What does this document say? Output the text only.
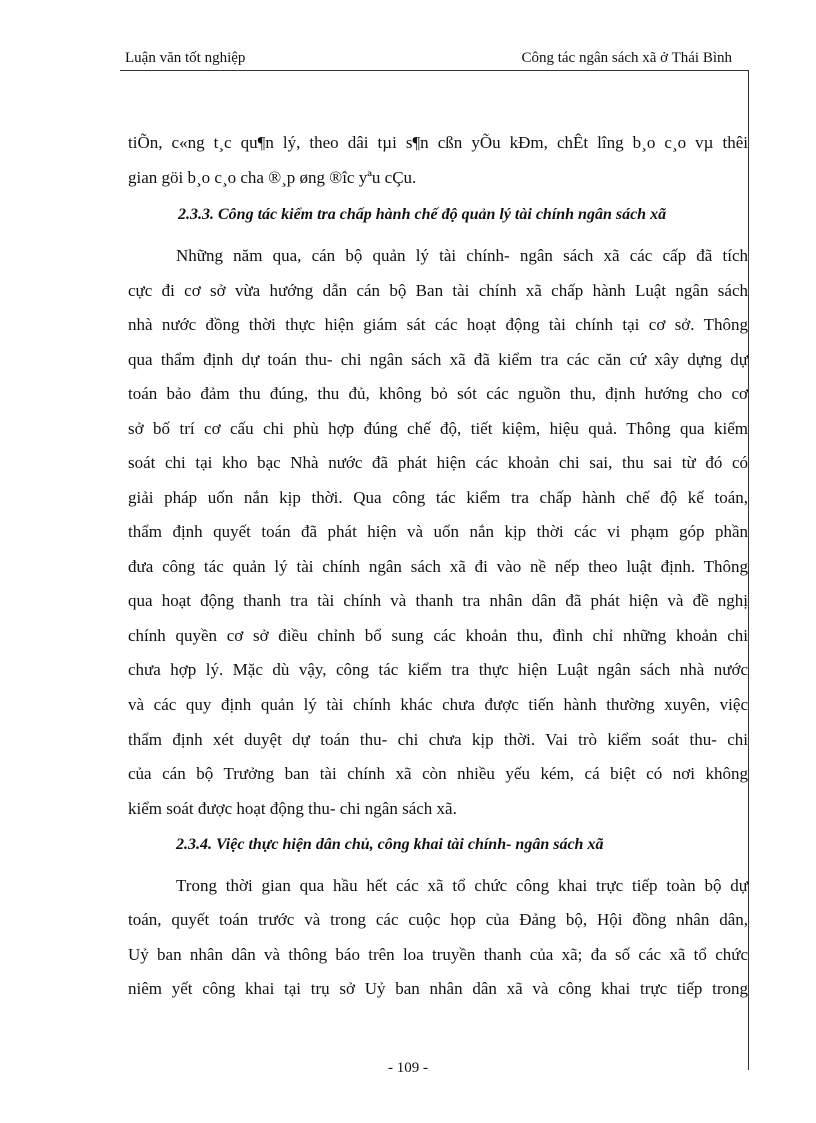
Luận văn tốt nghiệp	Công tác ngân sách xã ở Thái Bình
tiÕn, c«ng t¸c qu¶n lý, theo dâi tµi s¶n cßn yÕu kÐm, chÊt lîng b¸o c¸o vµ thêi
gian göi b¸o c¸o cha ®¸p øng ®îc yªu cÇu.
2.3.3. Công tác kiểm tra chấp hành chế độ quản lý tài chính ngân sách xã
Những năm qua, cán bộ quản lý tài chính- ngân sách xã các cấp đã tích
cực đi cơ sở vừa hướng dẫn cán bộ Ban tài chính xã chấp hành Luật ngân sách
nhà nước đồng thời thực hiện giám sát các hoạt động tài chính tại cơ sở. Thông
qua thẩm định dự toán thu- chi ngân sách xã đã kiểm tra các căn cứ xây dựng dự
toán bảo đảm thu đúng, thu đủ, không bỏ sót các nguồn thu, định hướng cho cơ
sở bố trí cơ cấu chi phù hợp đúng chế độ, tiết kiệm, hiệu quả. Thông qua kiểm
soát chi tại kho bạc Nhà nước đã phát hiện các khoản chi sai, thu sai từ đó có
giải pháp uốn nắn kịp thời. Qua công tác kiểm tra chấp hành chế độ kế toán,
thẩm định quyết toán đã phát hiện và uốn nắn kịp thời các vi phạm góp phần
đưa công tác quản lý tài chính ngân sách xã đi vào nề nếp theo luật định. Thông
qua hoạt động thanh tra tài chính và thanh tra nhân dân đã phát hiện và đề nghị
chính quyền cơ sở điều chỉnh bổ sung các khoản thu, đình chỉ những khoản chi
chưa hợp lý. Mặc dù vậy, công tác kiểm tra thực hiện Luật ngân sách nhà nước
và các quy định quản lý tài chính khác chưa được tiến hành thường xuyên, việc
thẩm định xét duyệt dự toán thu- chi chưa kịp thời. Vai trò kiểm soát thu- chi
của cán bộ Trưởng ban tài chính xã còn nhiều yếu kém, cá biệt có nơi không
kiểm soát được hoạt động thu- chi ngân sách xã.
2.3.4. Việc thực hiện dân chủ, công khai tài chính- ngân sách xã
Trong thời gian qua hầu hết các xã tổ chức công khai trực tiếp toàn bộ dự
toán, quyết toán trước và trong các cuộc họp của Đảng bộ, Hội đồng nhân dân,
Uỷ ban nhân dân và thông báo trên loa truyền thanh của xã; đa số các xã tổ chức
niêm yết công khai tại trụ sở Uỷ ban nhân dân xã và công khai trực tiếp trong
- 109 -
